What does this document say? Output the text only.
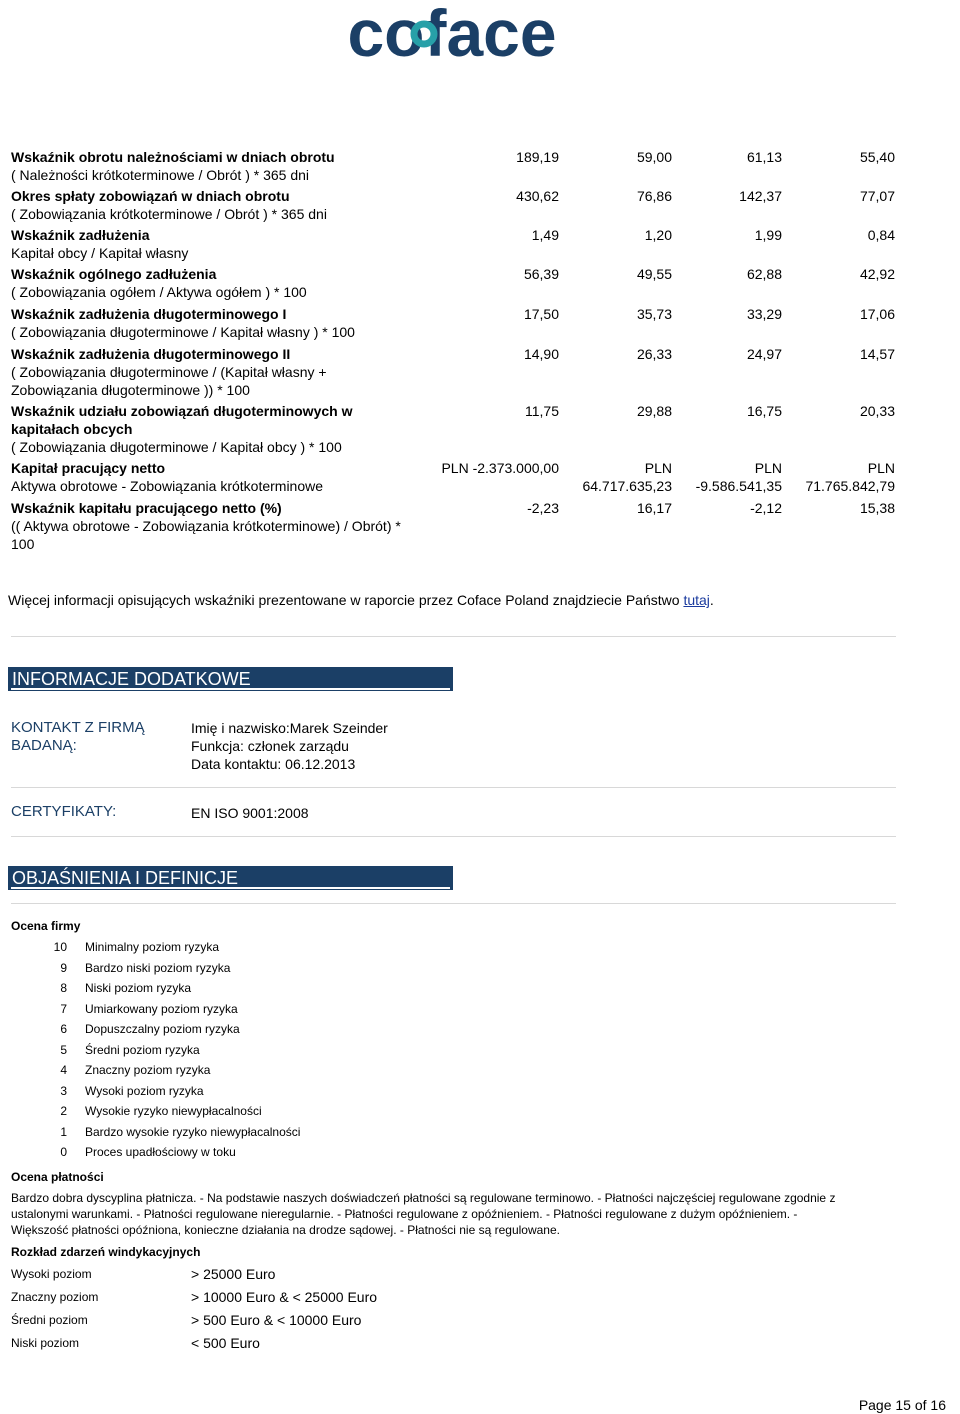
coface
Wskaźnik obrotu należnościami w dniach obrotu
( Należności krótkoterminowe / Obrót ) * 365 dni
189,19	59,00	61,13	55,40
Okres spłaty zobowiązań w dniach obrotu
( Zobowiązania krótkoterminowe / Obrót ) * 365 dni
430,62	76,86	142,37	77,07
Wskaźnik zadłużenia
Kapitał obcy / Kapitał własny
1,49	1,20	1,99	0,84
Wskaźnik ogólnego zadłużenia
( Zobowiązania ogółem / Aktywa ogółem ) * 100
56,39	49,55	62,88	42,92
Wskaźnik zadłużenia długoterminowego I
( Zobowiązania długoterminowe / Kapitał własny ) * 100
17,50	35,73	33,29	17,06
Wskaźnik zadłużenia długoterminowego II
( Zobowiązania długoterminowe / (Kapitał własny + Zobowiązania długoterminowe )) * 100
14,90	26,33	24,97	14,57
Wskaźnik udziału zobowiązań długoterminowych w kapitałach obcych
( Zobowiązania długoterminowe / Kapitał obcy ) * 100
11,75	29,88	16,75	20,33
Kapitał pracujący netto
Aktywa obrotowe - Zobowiązania krótkoterminowe
PLN -2.373.000,00	PLN	PLN	PLN
64.717.635,23 -9.586.541,35 71.765.842,79
Wskaźnik kapitału pracującego netto (%)
(( Aktywa obrotowe - Zobowiązania krótkoterminowe) / Obrót) * 100
-2,23	16,17	-2,12	15,38
Więcej informacji opisujących wskaźniki prezentowane w raporcie przez Coface Poland znajdziecie Państwo tutaj.
INFORMACJE DODATKOWE
KONTAKT Z FIRMĄ
BADANĄ:
Imię i nazwisko:Marek Szeinder
Funkcja: członek zarządu
Data kontaktu: 06.12.2013
CERTYFIKATY:	EN ISO 9001:2008
OBJAŚNIENIA I DEFINICJE
Ocena firmy
10 Minimalny poziom ryzyka
9 Bardzo niski poziom ryzyka
8 Niski poziom ryzyka
7 Umiarkowany poziom ryzyka
6 Dopuszczalny poziom ryzyka
5 Średni poziom ryzyka
4 Znaczny poziom ryzyka
3 Wysoki poziom ryzyka
2 Wysokie ryzyko niewypłacalności
1 Bardzo wysokie ryzyko niewypłacalności
0 Proces upadłościowy w toku
Ocena płatności
Bardzo dobra dyscyplina płatnicza. - Na podstawie naszych doświadczeń płatności są regulowane terminowo. - Płatności najczęściej regulowane zgodnie z
ustalonymi warunkami. - Płatności regulowane nieregularnie. - Płatności regulowane z opóźnieniem. - Płatności regulowane z dużym opóźnieniem. -
Większość płatności opóźniona, konieczne działania na drodze sądowej. - Płatności nie są regulowane.
Rozkład zdarzeń windykacyjnych
Wysoki poziom	> 25000 Euro
Znaczny poziom	> 10000 Euro & < 25000 Euro
Średni poziom	> 500 Euro & < 10000 Euro
Niski poziom	< 500 Euro
Page 15 of 16
